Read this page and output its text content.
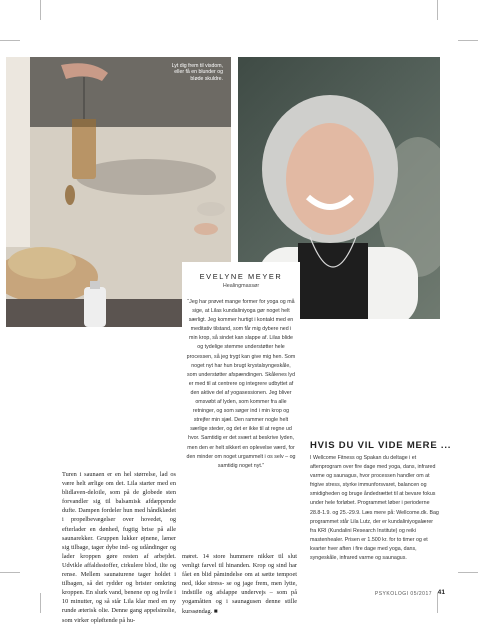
Lyt dig frem til visdom, eller få en blunder og bløde skuldre.
EVELYNE MEYER
Healingmassør

“Jeg har prøvet mange former for yoga og må sige, at Lilas kundaliniyoga gør noget helt særligt. Jeg kommer hurtigt i kontakt med en meditativ tilstand, som får mig dybere ned i min krop, så sindet kan slappe af. Lilas blide og tydelige stemme understøtter hele processen, så jeg trygt kan give mig hen. Som noget nyt har hun brugt krystalsyngeskåle, som understøtter afspændingen. Skålenes lyd er med til at centrere og integrere udbyttet af den aktive del af yogasessionen. Jeg bliver omsvøbt af lyden, som kommer fra alle retninger, og som søger ind i min krop og strejfer min sjæl. Den rammer nogle helt særlige steder, og det er ikke til at regne ud hvor. Samtidig er det svært at beskrive lyden, men den er helt sikkert en oplevelse værd, for den minder om noget urgammelt i os selv – og samtidig noget nyt.”

Turen i saunaen er en hel størrelse, lad os være helt ærlige om det. Lila starter med en blidlaven-deloile, som på de globede sten forvandler sig til balsamisk afdæppende dufte. Dampen fordeler hun med håndklædet i propelbevægelser over hovedet, og efterlader en dønhed, fugtig brise på alle saunarekker. Gruppen lukker øjnene, læner sig tilbage, tager dybe ind- og udåndinger og lader kroppen gøre resten af arbejdet. Udvikle affaldsstoffer, cirkulere blod, ilte og rense. Mellem saunaturene tager holdet i tilbagen, så det rydder og brister omkring kroppen. En slurk vand, benene op og hvile i 10 minutter, og så står Lila klar med en ny runde æterisk olie. Denne gang appelsinolie, som virker opløftende på hu-

møret. 14 store hummere nikker til slut venligt farvel til hinanden. Krop og sind har fået en blid påmindelse om at sætte tempoet ned, ikke stress- se og jage frem, men lytte, indstille og afslappe undervejs – som på yogamåtten og i saunagusen denne stille kurssøndag. ■

HVIS DU VIL VIDE MERE ...

I Wellcome Fitness og Spakan du deltage i et aftenprogram over fire dage med yoga, dans, infrared varme og saunagus, hvor processen handler om at frigive stress, styrke immunforsvaret, balancen og smidigheden og bruge åndedrættet til at bevare fokus under hele forløbet. Programmet løber i perioderne 28.8-1.9. og 25.-29.9. Læs mere på: Wellcome.dk. Bag programmet står Lila Lutz, der er kundaliniyogalærer fra KRI (Kundalini Research Institute) og reiki mastenhealer. Prisen er 1.500 kr. for to timer og et kvarter hver aften i fire dage med yoga, dans, syngeskåle, infrared varme og saunagus.

PSYKOLOGI 05/2017 41
